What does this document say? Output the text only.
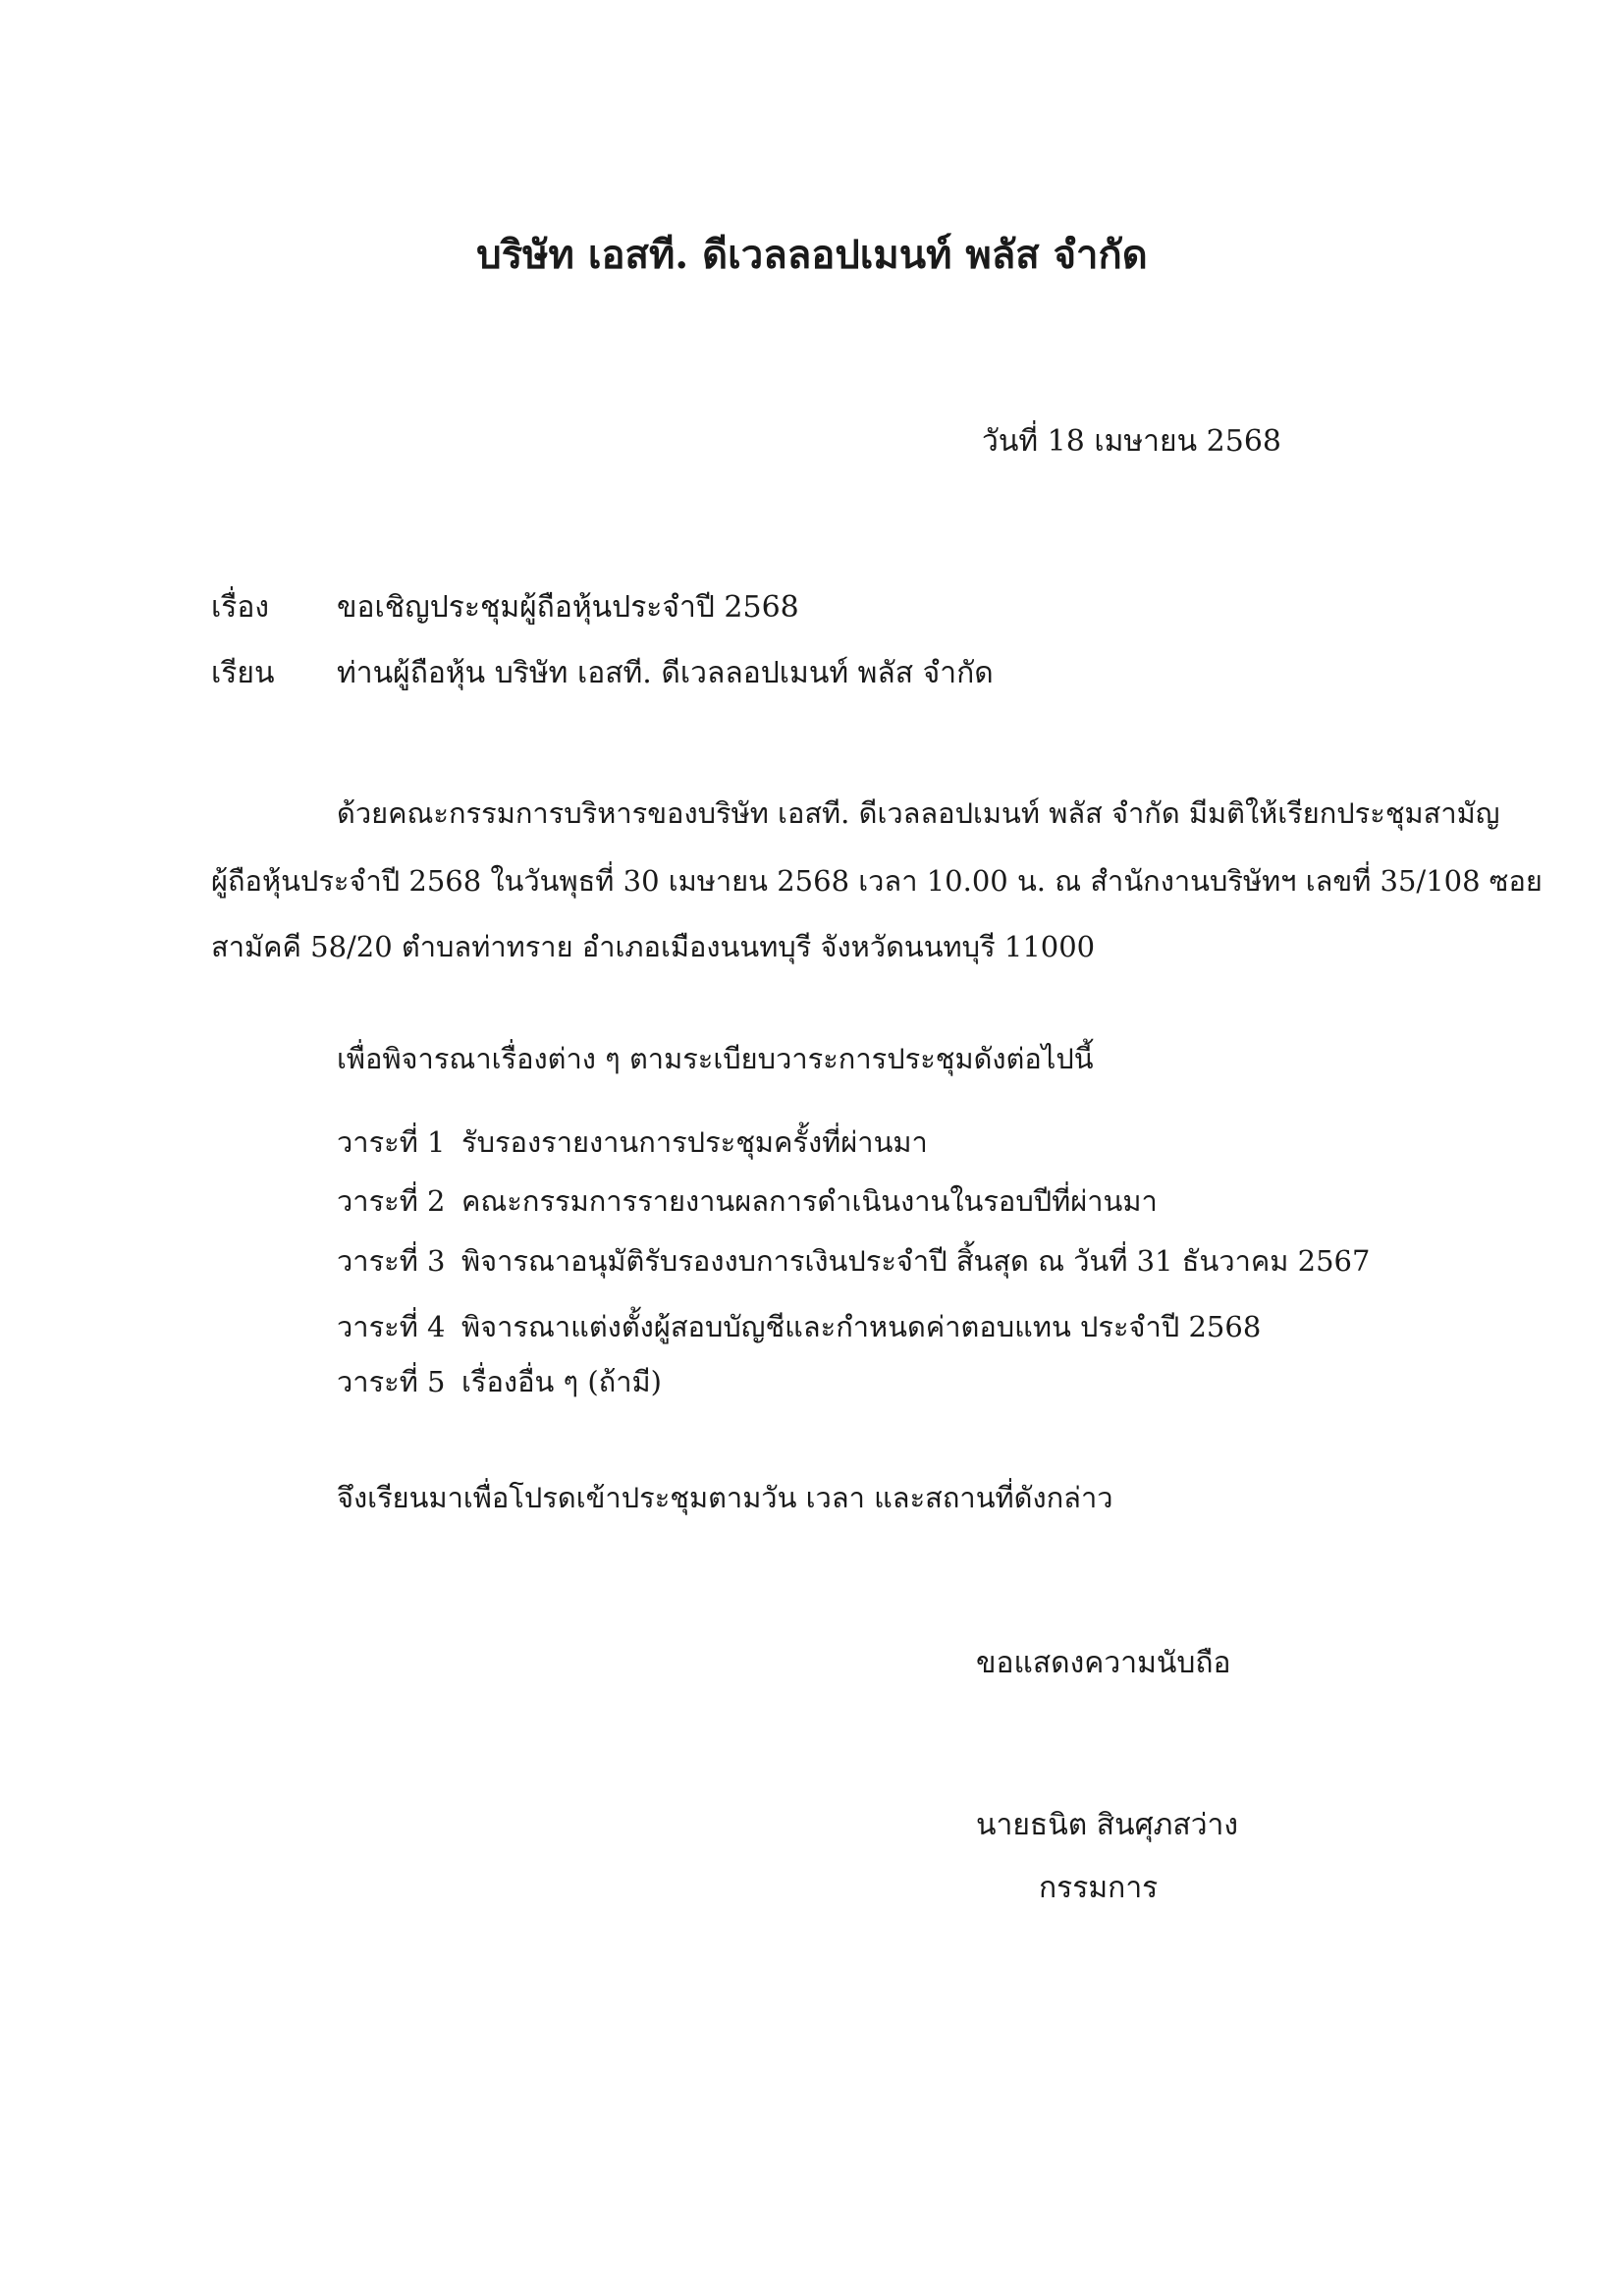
บริษัท เอสที. ดีเวลลอปเมนท์ พลัส จำกัด
วันที่ 18 เมษายน 2568
เรื่อง ขอเชิญประชุมผู้ถือหุ้นประจำปี 2568
เรียน ท่านผู้ถือหุ้น บริษัท เอสที. ดีเวลลอปเมนท์ พลัส จำกัด
ด้วยคณะกรรมการบริหารของบริษัท เอสที. ดีเวลลอปเมนท์ พลัส จำกัด มีมติให้เรียกประชุมสามัญ
ผู้ถือหุ้นประจำปี 2568 ในวันพุธที่ 30 เมษายน 2568 เวลา 10.00 น. ณ สำนักงานบริษัทฯ เลขที่ 35/108 ซอย
สามัคคี 58/20 ตำบลท่าทราย อำเภอเมืองนนทบุรี จังหวัดนนทบุรี 11000
เพื่อพิจารณาเรื่องต่าง ๆ ตามระเบียบวาระการประชุมดังต่อไปนี้
วาระที่ 1 รับรองรายงานการประชุมครั้งที่ผ่านมา
วาระที่ 2 คณะกรรมการรายงานผลการดำเนินงานในรอบปีที่ผ่านมา
วาระที่ 3 พิจารณาอนุมัติรับรองงบการเงินประจำปี สิ้นสุด ณ วันที่ 31 ธันวาคม 2567
วาระที่ 4 พิจารณาแต่งตั้งผู้สอบบัญชีและกำหนดค่าตอบแทน ประจำปี 2568
วาระที่ 5 เรื่องอื่น ๆ (ถ้ามี)
จึงเรียนมาเพื่อโปรดเข้าประชุมตามวัน เวลา และสถานที่ดังกล่าว
ขอแสดงความนับถือ
นายธนิต สินศุภสว่าง
กรรมการ
